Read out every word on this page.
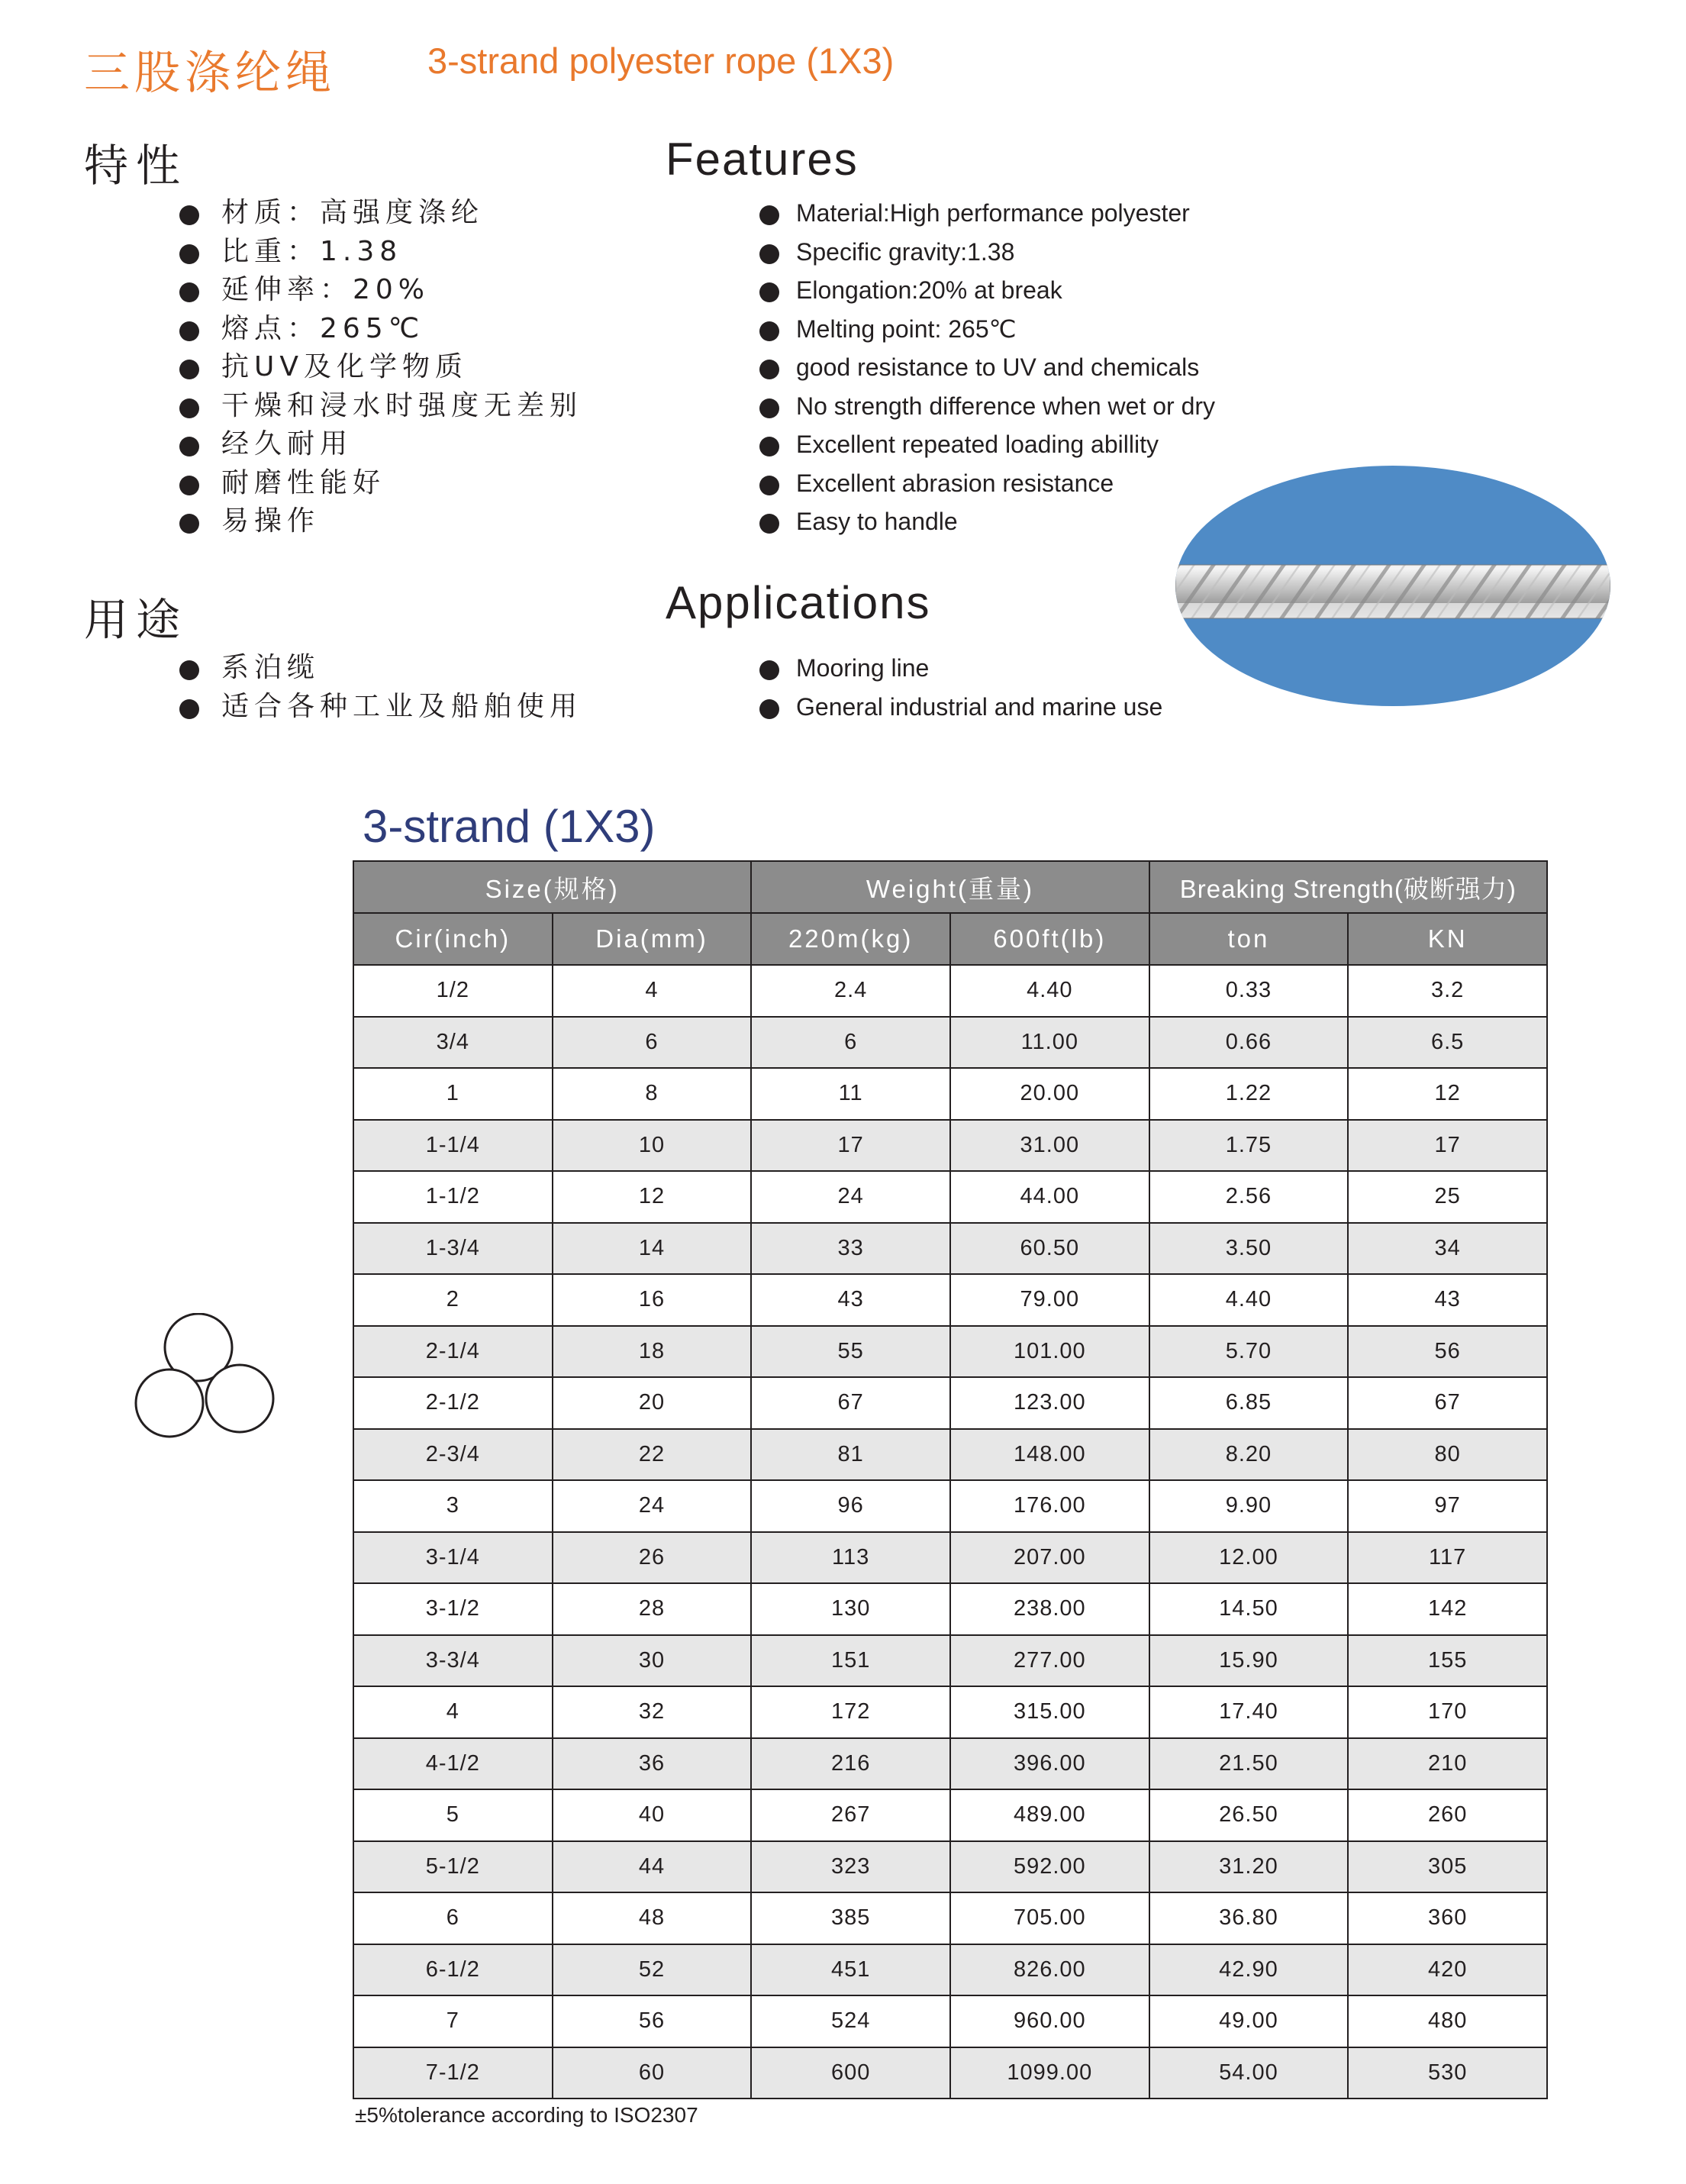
三股涤纶绳	3-strand polyester rope (1X3)
特性	Features
材质：高强度涤纶
比重：1.38
延伸率：20%
熔点：265℃
抗UV及化学物质
干燥和浸水时强度无差别
经久耐用
耐磨性能好
易操作
Material:High performance polyester
Specific gravity:1.38
Elongation:20% at break
Melting point: 265℃
good resistance to UV and chemicals
No strength difference when wet or dry
Excellent repeated loading abillity
Excellent abrasion resistance
Easy to handle
用途	Applications
系泊缆
适合各种工业及船舶使用
Mooring line
General industrial and marine use
3-strand (1X3)
Size(规格)		Weight(重量)		Breaking Strength(破断强力)	
Cir(inch)	Dia(mm)	220m(kg)	600ft(lb)	ton	KN
1/2	4	2.4	4.40	0.33	3.2
3/4	6	6	11.00	0.66	6.5
1	8	11	20.00	1.22	12
1-1/4	10	17	31.00	1.75	17
1-1/2	12	24	44.00	2.56	25
1-3/4	14	33	60.50	3.50	34
2	16	43	79.00	4.40	43
2-1/4	18	55	101.00	5.70	56
2-1/2	20	67	123.00	6.85	67
2-3/4	22	81	148.00	8.20	80
3	24	96	176.00	9.90	97
3-1/4	26	113	207.00	12.00	117
3-1/2	28	130	238.00	14.50	142
3-3/4	30	151	277.00	15.90	155
4	32	172	315.00	17.40	170
4-1/2	36	216	396.00	21.50	210
5	40	267	489.00	26.50	260
5-1/2	44	323	592.00	31.20	305
6	48	385	705.00	36.80	360
6-1/2	52	451	826.00	42.90	420
7	56	524	960.00	49.00	480
7-1/2	60	600	1099.00	54.00	530
±5%tolerance according to ISO2307
